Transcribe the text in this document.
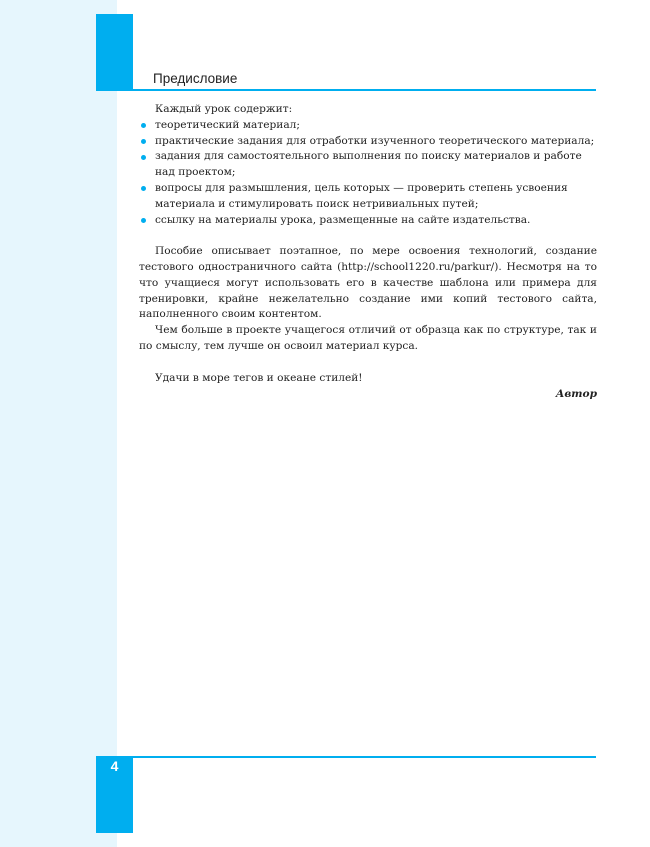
Предисловие
Каждый урок содержит:
теоретический материал;
практические задания для отработки изученного теоретического материала;
задания для самостоятельного выполнения по поиску материалов и работе над проектом;
вопросы для размышления, цель которых — проверить степень усвоения материала и стимулировать поиск нетривиальных путей;
ссылку на материалы урока, размещенные на сайте издательства.

Пособие описывает поэтапное, по мере освоения технологий, создание тестового одностраничного сайта (http://school1220.ru/parkur/). Несмотря на то что учащиеся могут использовать его в качестве шаблона или примера для тренировки, крайне нежелательно создание ими копий тестового сайта, наполненного своим контентом.

Чем больше в проекте учащегося отличий от образца как по структуре, так и по смыслу, тем лучше он освоил материал курса.

Удачи в море тегов и океане стилей!

Автор
4
